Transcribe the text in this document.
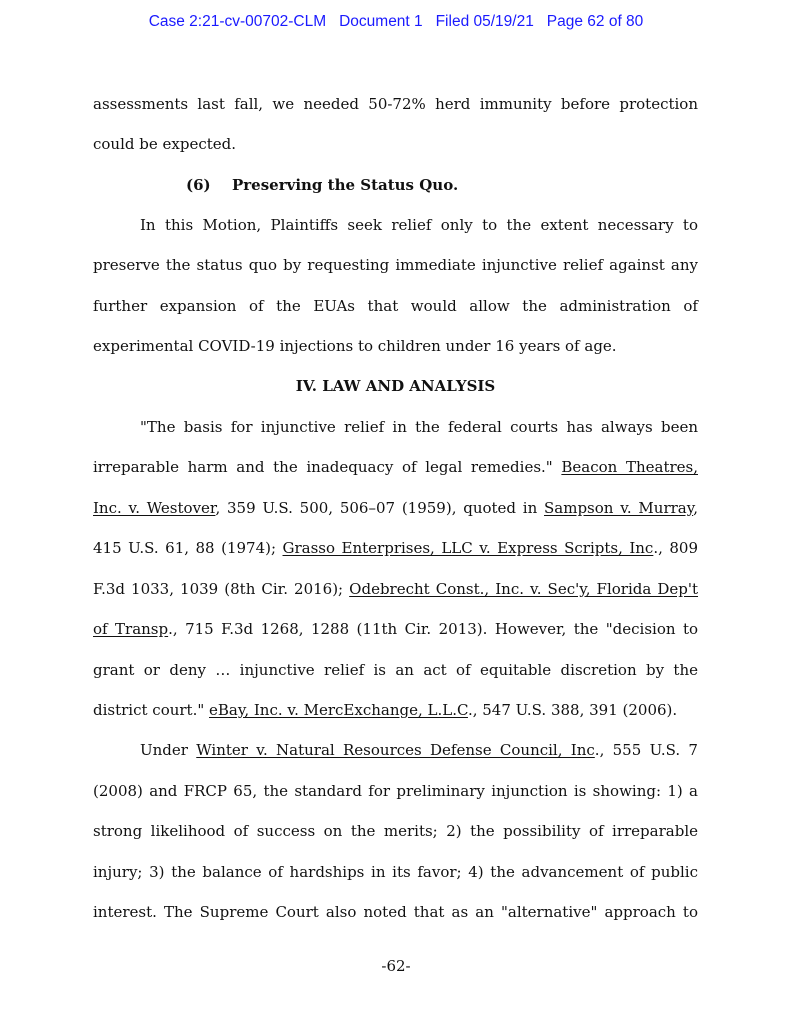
Case 2:21-cv-00702-CLM Document 1 Filed 05/19/21 Page 62 of 80
assessments last fall, we needed 50-72% herd immunity before protection
could be expected.
In this Motion, Plaintiffs seek relief only to the extent necessary to
preserve the status quo by requesting immediate injunctive relief against any
further expansion of the EUAs that would allow the administration of
experimental COVID-19 injections to children under 16 years of age.
IV. LAW AND ANALYSIS
"The basis for injunctive relief in the federal courts has always been
irreparable harm and the inadequacy of legal remedies." Beacon Theatres,
Inc. v. Westover, 359 U.S. 500, 506–07 (1959), quoted in Sampson v. Murray,
415 U.S. 61, 88 (1974); Grasso Enterprises, LLC v. Express Scripts, Inc., 809
F.3d 1033, 1039 (8th Cir. 2016); Odebrecht Const., Inc. v. Sec'y, Florida Dep't
of Transp., 715 F.3d 1268, 1288 (11th Cir. 2013). However, the "decision to
grant or deny … injunctive relief is an act of equitable discretion by the
district court." eBay, Inc. v. MercExchange, L.L.C., 547 U.S. 388, 391 (2006).
Under Winter v. Natural Resources Defense Council, Inc., 555 U.S. 7
(2008) and FRCP 65, the standard for preliminary injunction is showing: 1) a
strong likelihood of success on the merits; 2) the possibility of irreparable
injury; 3) the balance of hardships in its favor; 4) the advancement of public
interest. The Supreme Court also noted that as an "alternative" approach to
(6) Preserving the Status Quo.
-62-
